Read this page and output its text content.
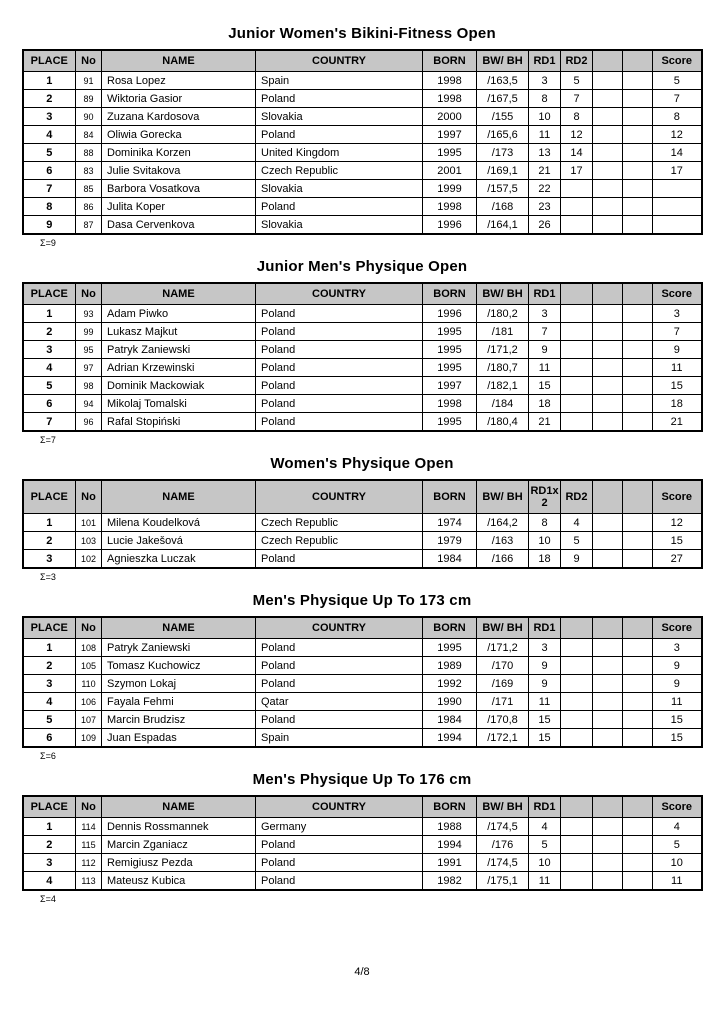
Junior Women's Bikini-Fitness Open
PLACE	No	NAME	COUNTRY	BORN	BW/ BH	RD1	RD2			Score
1	91	Rosa Lopez	Spain	1998	/163,5	3	5			5
2	89	Wiktoria Gasior	Poland	1998	/167,5	8	7			7
3	90	Zuzana Kardosova	Slovakia	2000	/155	10	8			8
4	84	Oliwia Gorecka	Poland	1997	/165,6	11	12			12
5	88	Dominika Korzen	United Kingdom	1995	/173	13	14			14
6	83	Julie Svitakova	Czech Republic	2001	/169,1	21	17			17
7	85	Barbora Vosatkova	Slovakia	1999	/157,5	22				
8	86	Julita Koper	Poland	1998	/168	23				
9	87	Dasa Cervenkova	Slovakia	1996	/164,1	26				
Σ=9
Junior Men's Physique Open
PLACE	No	NAME	COUNTRY	BORN	BW/ BH	RD1				Score
1	93	Adam Piwko	Poland	1996	/180,2	3				3
2	99	Lukasz Majkut	Poland	1995	/181	7				7
3	95	Patryk Zaniewski	Poland	1995	/171,2	9				9
4	97	Adrian Krzewinski	Poland	1995	/180,7	11				11
5	98	Dominik Mackowiak	Poland	1997	/182,1	15				15
6	94	Mikolaj Tomalski	Poland	1998	/184	18				18
7	96	Rafal Stopiński	Poland	1995	/180,4	21				21
Σ=7
Women's Physique Open
PLACE	No	NAME	COUNTRY	BORN	BW/ BH	RD1x 2	RD2			Score
1	101	Milena Koudelková	Czech Republic	1974	/164,2	8	4			12
2	103	Lucie Jakešová	Czech Republic	1979	/163	10	5			15
3	102	Agnieszka Luczak	Poland	1984	/166	18	9			27
Σ=3
Men's Physique Up To 173 cm
PLACE	No	NAME	COUNTRY	BORN	BW/ BH	RD1				Score
1	108	Patryk Zaniewski	Poland	1995	/171,2	3				3
2	105	Tomasz Kuchowicz	Poland	1989	/170	9				9
3	110	Szymon Lokaj	Poland	1992	/169	9				9
4	106	Fayala Fehmi	Qatar	1990	/171	11				11
5	107	Marcin Brudzisz	Poland	1984	/170,8	15				15
6	109	Juan Espadas	Spain	1994	/172,1	15				15
Σ=6
Men's Physique Up To 176 cm
PLACE	No	NAME	COUNTRY	BORN	BW/ BH	RD1				Score
1	114	Dennis Rossmannek	Germany	1988	/174,5	4				4
2	115	Marcin Zganiacz	Poland	1994	/176	5				5
3	112	Remigiusz Pezda	Poland	1991	/174,5	10				10
4	113	Mateusz Kubica	Poland	1982	/175,1	11				11
Σ=4
4/8
